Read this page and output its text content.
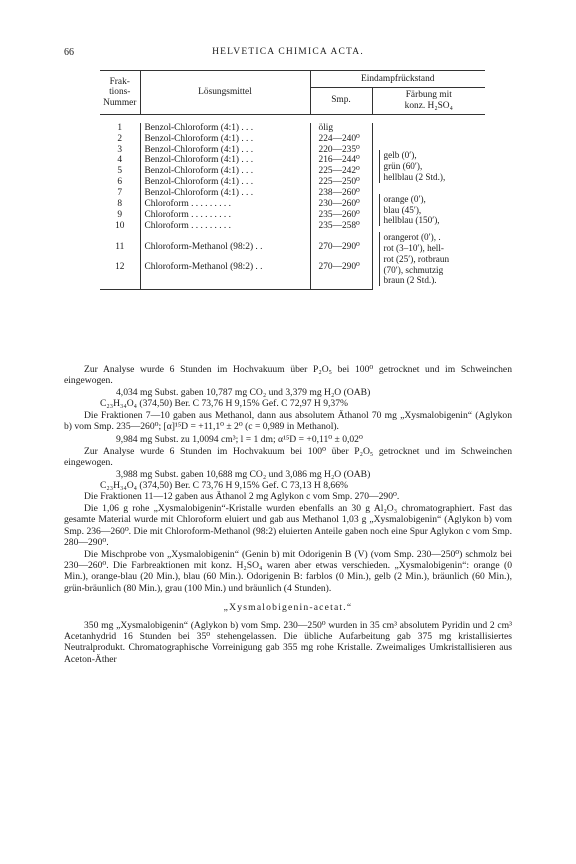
66	HELVETICA CHIMICA ACTA.
Frak-
tions-
Nummer	Lösungsmittel	Eindampfrückstand	
		Smp.	Färbung mit
konz. H₂SO₄

1	Benzol-Chloroform (4:1) . . .	ölig	
2	Benzol-Chloroform (4:1) . . .	224—240⁰	
3	Benzol-Chloroform (4:1) . . .	220—235⁰	gelb (0′),
grün (60′),
hellblau (2 Std.),

4	Benzol-Chloroform (4:1) . . .	216—244⁰	
5	Benzol-Chloroform (4:1) . . .	225—242⁰	
6	Benzol-Chloroform (4:1) . . .	225—250⁰	
7	Benzol-Chloroform (4:1) . . .	238—260⁰	orange (0′),
blau (45′),
hellblau (150′),

8	Chloroform . . . . . . . . .	230—260⁰	
9	Chloroform . . . . . . . . .	235—260⁰	
10	Chloroform . . . . . . . . .	235—258⁰	

			orangerot (0′), .
rot (3–10′), hell-
rot (25′), rotbraun
(70′), schmutzig
braun (2 Std.).

11	Chloroform-Methanol (98:2) . .	270—290⁰	
12	Chloroform-Methanol (98:2) . .	270—290⁰	

Zur Analyse wurde 6 Stunden im Hochvakuum über P₂O₅ bei 100⁰ getrocknet und im Schweinchen eingewogen.

4,034 mg Subst. gaben 10,787 mg CO₂ und 3,379 mg H₂O (OAB)

C₂₃H₃₄O₄ (374,50) Ber. C 73,76 H 9,15% Gef. C 72,97 H 9,37%

Die Fraktionen 7—10 gaben aus Methanol, dann aus absolutem Äthanol 70 mg „Xysmalobigenin“ (Aglykon b) vom Smp. 235—260⁰; [α]¹⁵D = +11,1⁰ ± 2⁰ (c = 0,989 in Methanol).

9,984 mg Subst. zu 1,0094 cm³; l = 1 dm; α¹⁵D = +0,11⁰ ± 0,02⁰

Zur Analyse wurde 6 Stunden im Hochvakuum bei 100⁰ über P₂O₅ getrocknet und im Schweinchen eingewogen.

3,988 mg Subst. gaben 10,688 mg CO₂ und 3,086 mg H₂O (OAB)

C₂₃H₃₄O₄ (374,50) Ber. C 73,76 H 9,15% Gef. C 73,13 H 8,66%

Die Fraktionen 11—12 gaben aus Äthanol 2 mg Aglykon c vom Smp. 270—290⁰.

Die 1,06 g rohe „Xysmalobigenin“-Kristalle wurden ebenfalls an 30 g Al₂O₃ chromatographiert. Fast das gesamte Material wurde mit Chloroform eluiert und gab aus Methanol 1,03 g „Xysmalobigenin“ (Aglykon b) vom Smp. 236—260⁰. Die mit Chloroform-Methanol (98:2) eluierten Anteile gaben noch eine Spur Aglykon c vom Smp. 280—290⁰.

Die Mischprobe von „Xysmalobigenin“ (Genin b) mit Odorigenin B (V) (vom Smp. 230—250⁰) schmolz bei 230—260⁰. Die Farbreaktionen mit konz. H₂SO₄ waren aber etwas verschieden. „Xysmalobigenin“: orange (0 Min.), orange-blau (20 Min.), blau (60 Min.). Odorigenin B: farblos (0 Min.), gelb (2 Min.), bräunlich (60 Min.), grün-bräunlich (80 Min.), grau (100 Min.) und bräunlich (4 Stunden).

„Xysmalobigenin-acetat.“

350 mg „Xysmalobigenin“ (Aglykon b) vom Smp. 230—250⁰ wurden in 35 cm³ absolutem Pyridin und 2 cm³ Acetanhydrid 16 Stunden bei 35⁰ stehengelassen. Die übliche Aufarbeitung gab 375 mg kristallisiertes Neutralprodukt. Chromatographische Vorreinigung gab 355 mg rohe Kristalle. Zweimaliges Umkristallisieren aus Aceton-Äther
